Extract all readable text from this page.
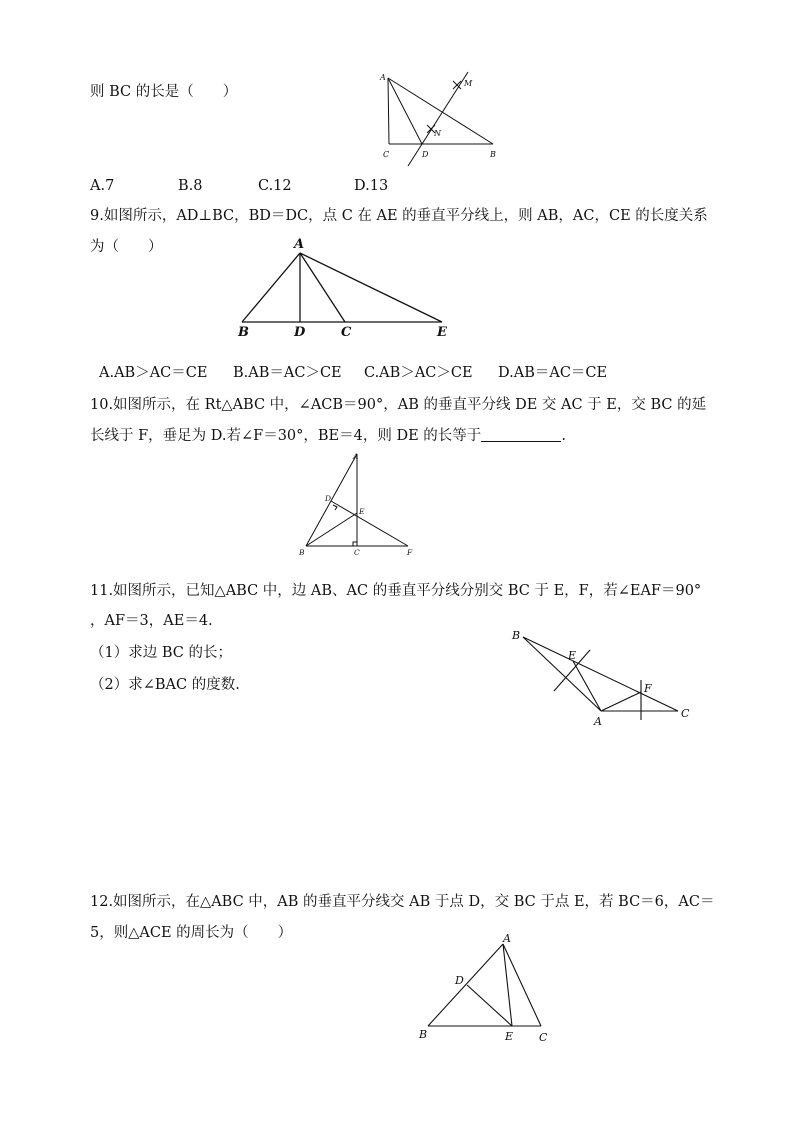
则 BC 的长是（　　）
A
M
N
C	D	B
A.7	B.8	C.12	D.13
9.如图所示，AD⊥BC，BD＝DC，点 C 在 AE 的垂直平分线上，则 AB，AC，CE 的长度关系
为（　　）	A
B	D	C	E
A.AB＞AC＝CE B.AB＝AC＞CE C.AB＞AC＞CE D.AB＝AC＝CE
10.如图所示，在 Rt△ABC 中，∠ACB＝90°，AB 的垂直平分线 DE 交 AC 于 E，交 BC 的延
长线于 F，垂足为 D.若∠F＝30°，BE＝4，则 DE 的长等于	.
A
D
E
B	C	F
11.如图所示，已知△ABC 中，边 AB、AC 的垂直平分线分别交 BC 于 E，F，若∠EAF＝90°
，AF＝3，AE＝4.
（1）求边 BC 的长；
（2）求∠BAC 的度数.
B
E
F
A
C
12.如图所示，在△ABC 中，AB 的垂直平分线交 AB 于点 D，交 BC 于点 E，若 BC＝6，AC＝
5，则△ACE 的周长为（　　）	A
D
B	E C
